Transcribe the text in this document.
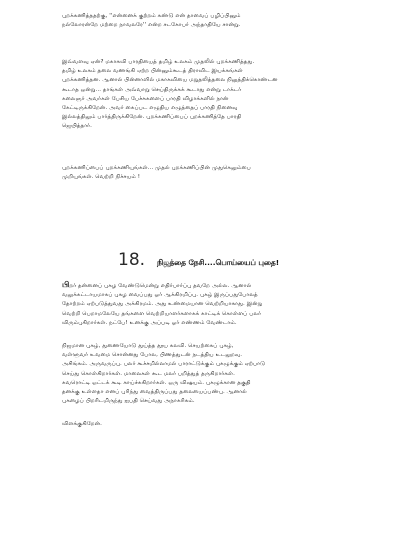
புறக்கணித்ததற்கு, ''என்னைக் குற்றம் கண்டு என் தாவைப் பழிப்பினும்
நல்லோரன்றே மற்றை நாவலரே'' என்ற சடகோபர் அந்தாதியே சான்று.
இவ்வளவு ஏன்? மகாகவி பாரதியைத் தமிழ் உலகம் முதலில் புறக்கணித்தது.
தமிழ் உலகம் தலை வணங்கி ஏற்ற பின்னும்கூடத் திராவிட இயக்கங்கள்
புறக்கணித்தன. ஆனால் பின்னாளில் மகாகவியை மறுதலித்தலை நிலுத்திக்கொண்டன
கூடாத ஒன்று... தாங்கள் அவ்வாறு செய்திருக்கக் கூடாது என்று டாக்டர்
கலைஞர் அவர்கள் பேசிய பேச்சுகளைப் பாரதி விழாக்களில் நான்
கேட்டிருக்கிறேன். அவர் கைப்பட எழுதிய எழுத்தைப் பாரதி நினைவு
இல்லத்திலும் பார்த்திருக்கிறேன். புறக்கணிப்பைப் புறக்கணித்தே பாரதி
ஜெயித்தார்.
புறக்கணிப்பைப் புறக்கணியுங்கள்... முதல் புறக்கணிப்பின் முதுகெலும்பை
முறியுங்கள். வெற்றி நிச்சயம் !
18. நிஜத்தை நேசி....பொய்யைப் புதை!
பிறர் தன்னைப் புகழ வேண்டுமென்று எதிர்பார்ப்பு தவறே அல்ல. ஆனால்
வலுக்கட்டாயமாகப் புகழ வைப்பது ஓர் ஆக்கிரமிப்பு. புகழ் இருப்பதுபோலத்
தோற்றம் ஏற்படுத்துவது அக்கிரமம். அது உண்மையான வெற்றியாகாது. இன்று
வெற்றி பெறாமலேயே தங்களை வெற்றியாளர்களாகக் காட்டிக் கொள்ளப் பலர்
விரும்புகிறார்கள். நட்பே! உனக்கு அப்படி ஓர் எண்ணம் வேண்டாம்.
நிஜமான புகழ், துணையோடு துய்த்த தூய கலவி. செயற்கைப் புகழ்,
வள்ளுவர் உவமை சொன்னது போல, பிணத்துடன் நடத்திய உடலுறவு.
அசிங்கம். அருவருப்பு. பலர் கூச்சமில்லாமல் பாராட்டுக்கும் புகழுக்கும் ஏற்பாடு
செய்து கொள்கிறார்கள். மாலைகள் கூட மலர் பறித்துத் தருகிறார்கள்.
சுவரொட்டி ஒட்டக் கூடி காய்ச்சுகிறார்கள். ஒரு விஷயம். புகழுக்கான தகுதி
தனக்கு உள்ளதா எனப் புரிந்து வைத்திருப்பது தலையைப்பண்பு. ஆனால்
புகழைப் பிறரிடமிருந்து ஐபதி செய்வது அநாகரிகம்.
விளக்குகிறேன்.
